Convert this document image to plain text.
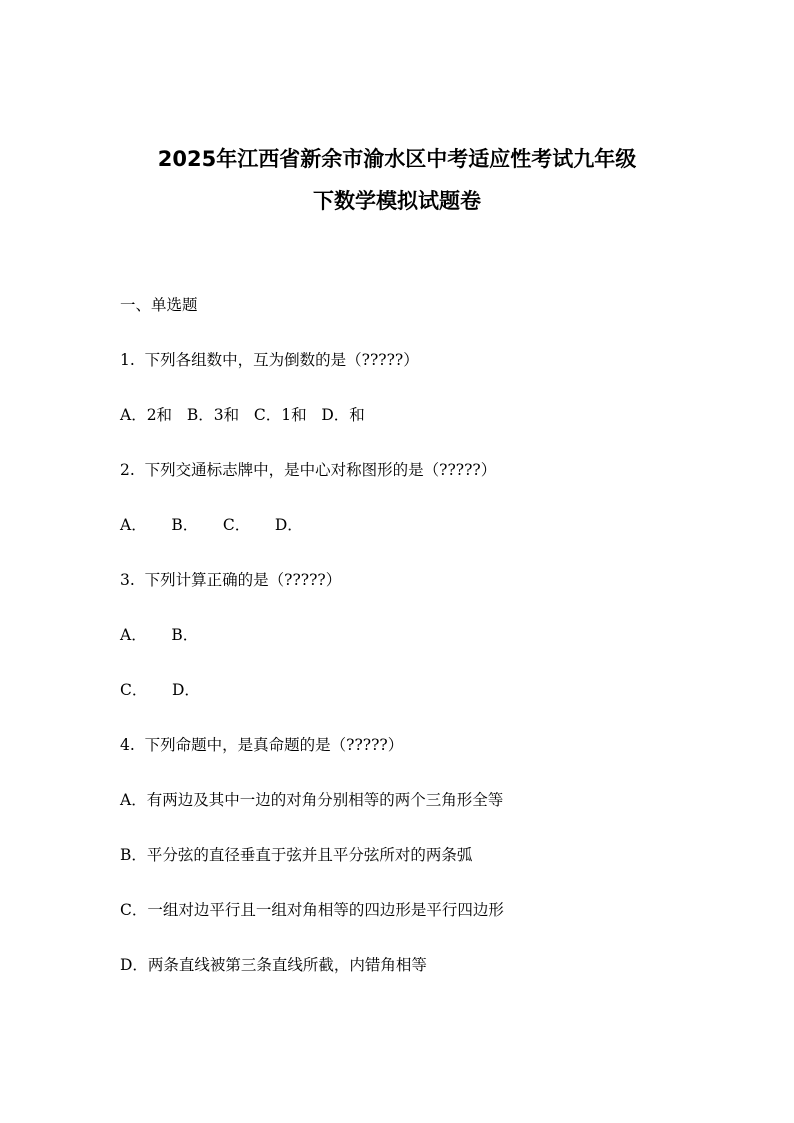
2025年江西省新余市渝水区中考适应性考试九年级
下数学模拟试题卷

一、单选题

1.  下列各组数中，互为倒数的是（?????）

A．2和   B．3和   C．1和   D．和

2.  下列交通标志牌中，是中心对称图形的是（?????）

A．     B．     C．     D．

3.  下列计算正确的是（?????）

A．     B．

C．     D．

4.  下列命题中，是真命题的是（?????）

A．有两边及其中一边的对角分别相等的两个三角形全等

B．平分弦的直径垂直于弦并且平分弦所对的两条弧

C．一组对边平行且一组对角相等的四边形是平行四边形

D．两条直线被第三条直线所截，内错角相等
